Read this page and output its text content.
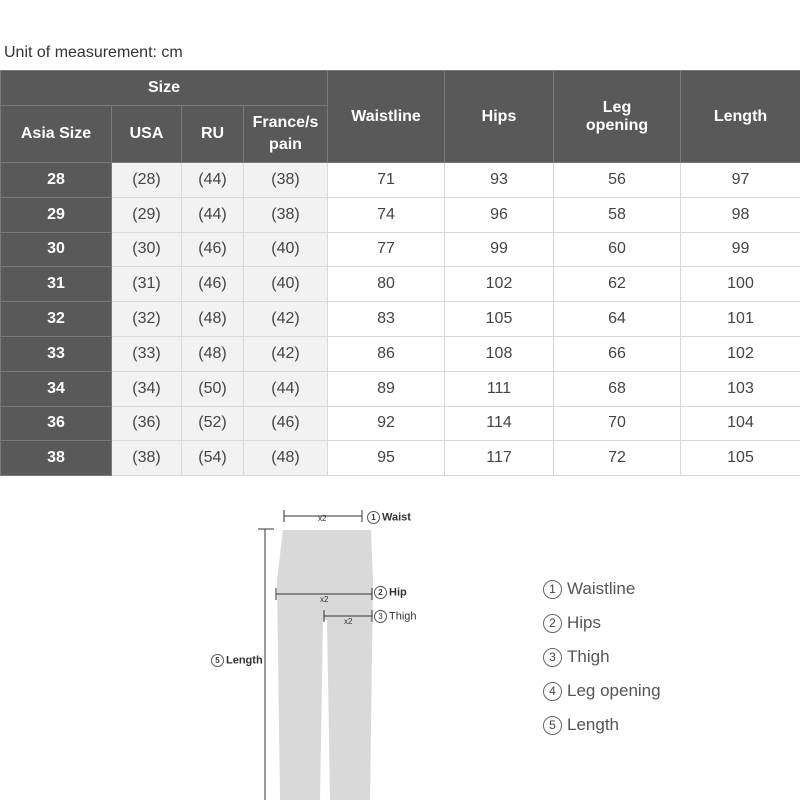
Unit of measurement: cm
Size				Waistline	Hips	Leg opening	Length
Asia Size	USA	RU	France/s pain				
28	(28)	(44)	(38)	71	93	56	97
29	(29)	(44)	(38)	74	96	58	98
30	(30)	(46)	(40)	77	99	60	99
31	(31)	(46)	(40)	80	102	62	100
32	(32)	(48)	(42)	83	105	64	101
33	(33)	(48)	(42)	86	108	66	102
34	(34)	(50)	(44)	89	111	68	103
36	(36)	(52)	(46)	92	114	70	104
38	(38)	(54)	(48)	95	117	72	105
x2	1 Waist
x2
2 Hip
x2
3 Thigh
5 Length
1 Waistline
2 Hips
3 Thigh
4 Leg opening
5 Length
